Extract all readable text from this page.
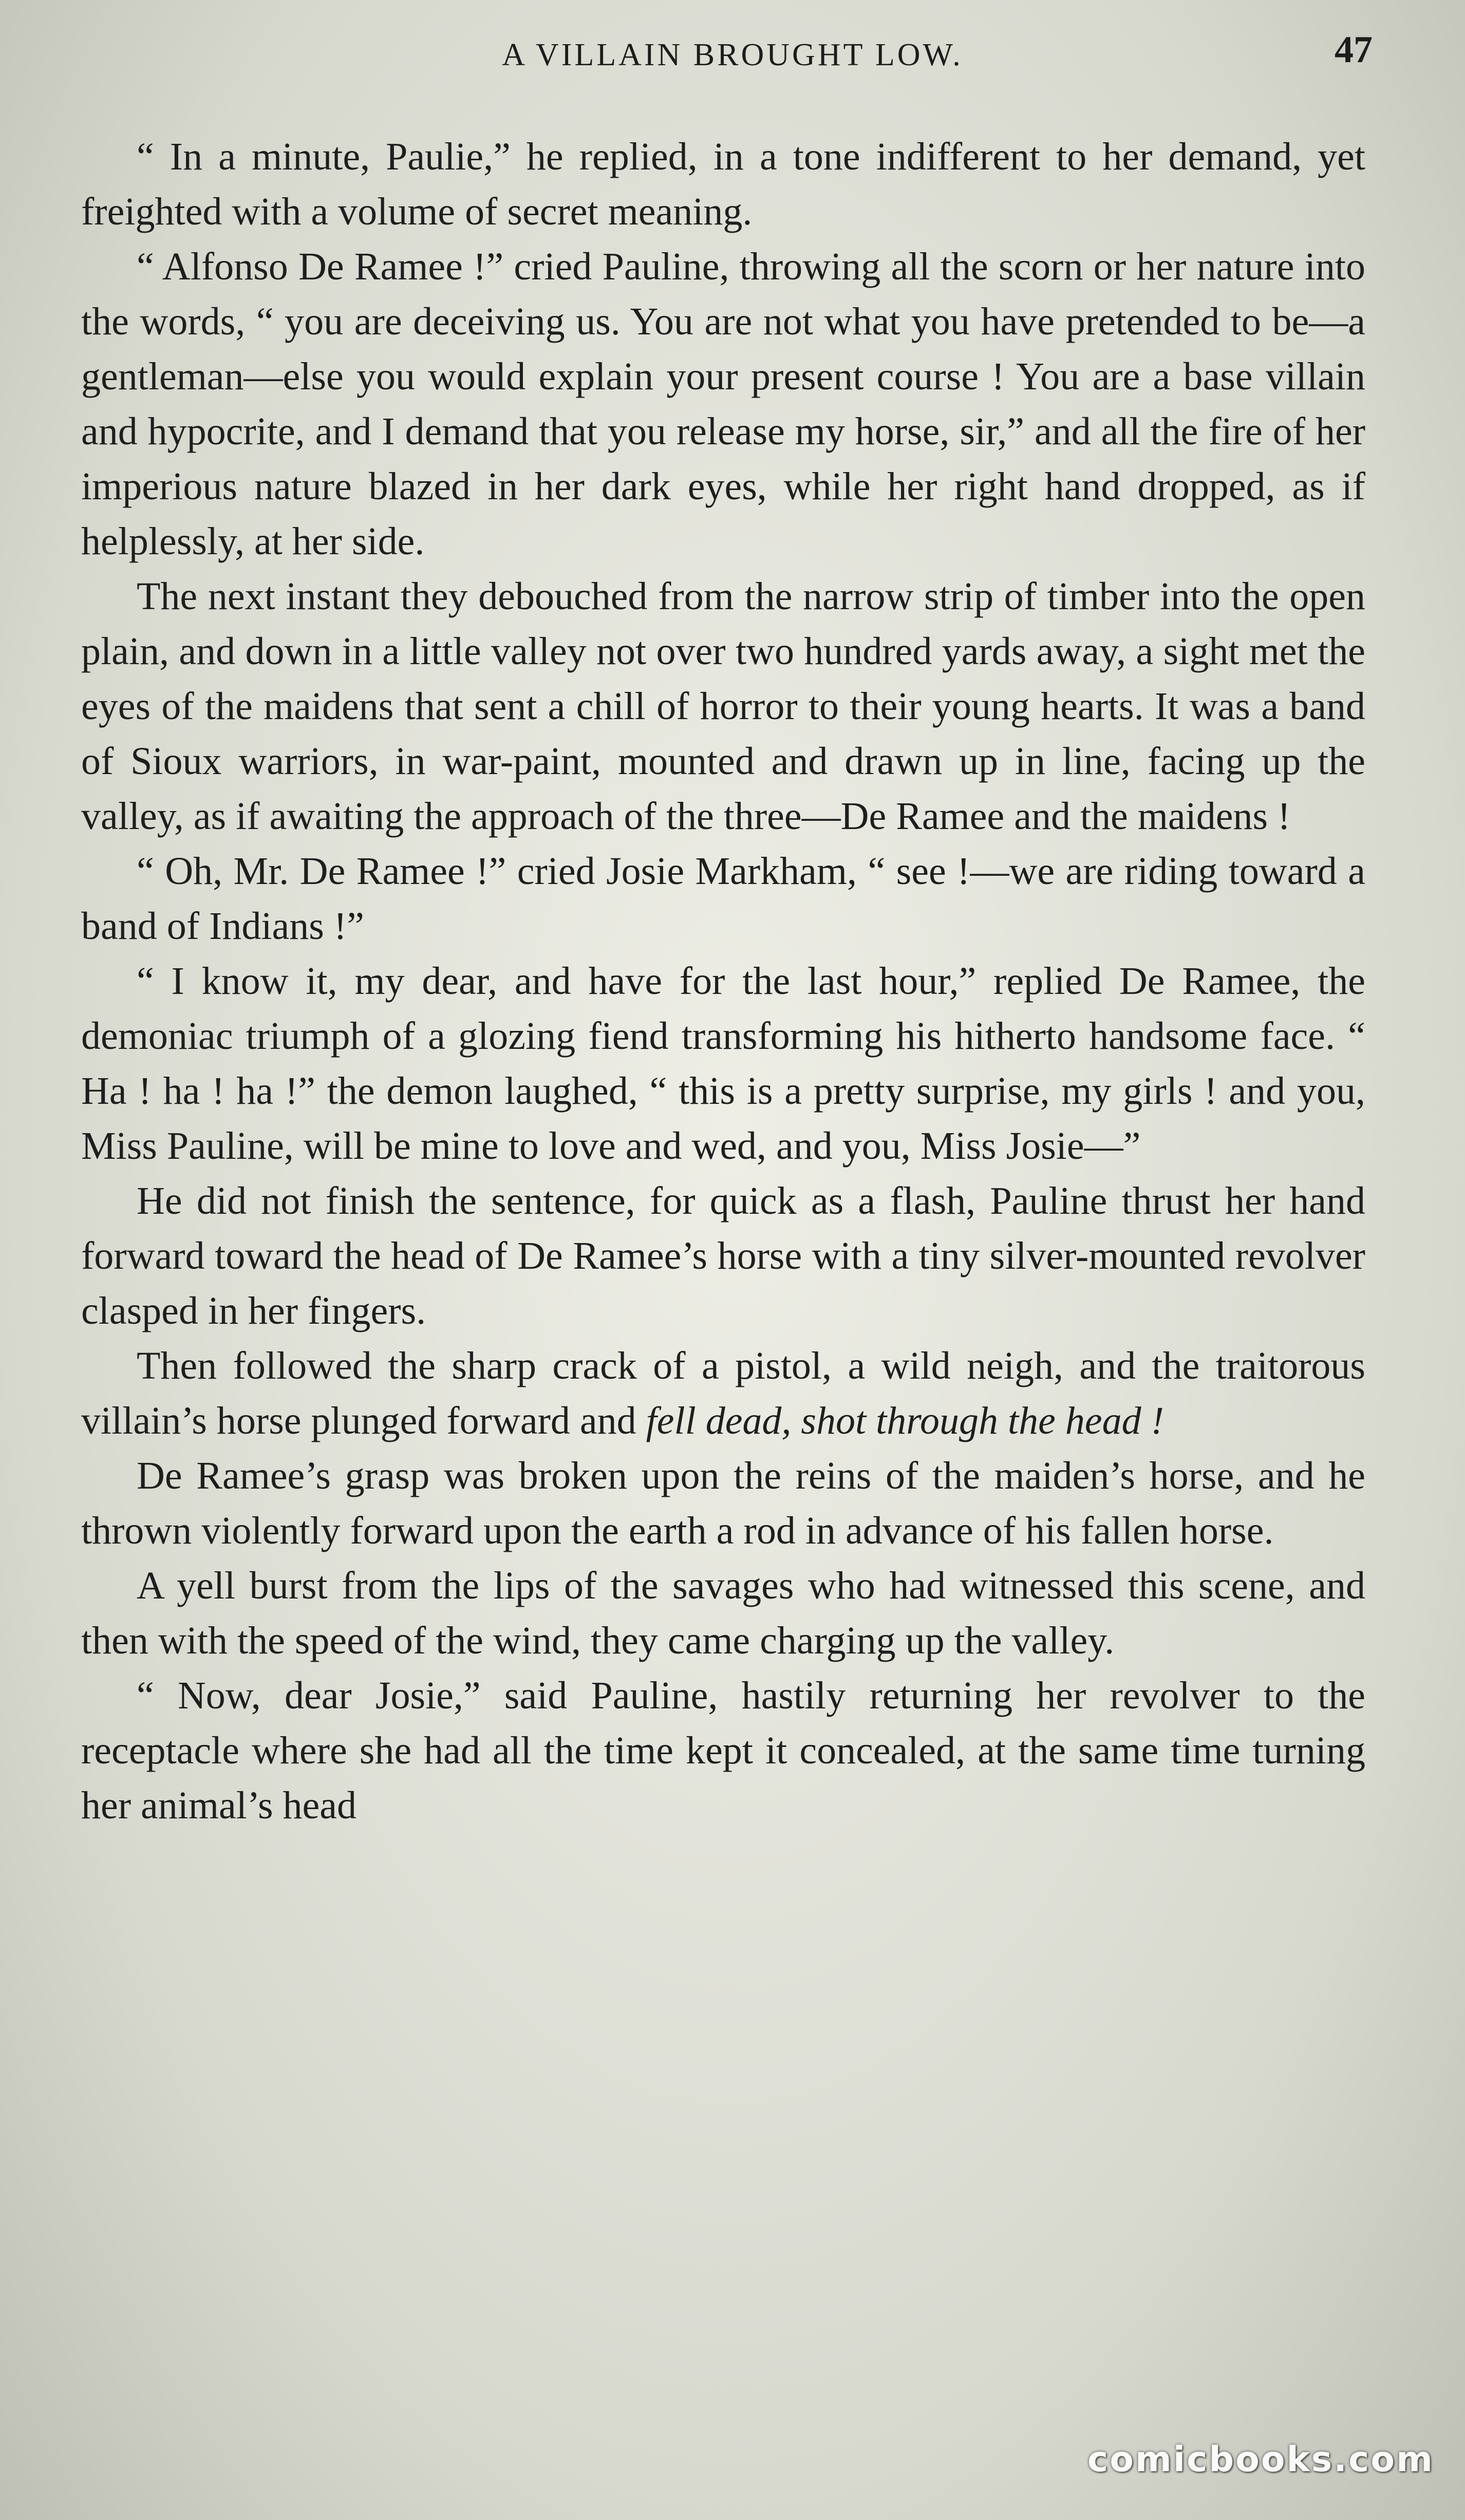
A VILLAIN BROUGHT LOW.	47

“ In a minute, Paulie,” he replied, in a tone indifferent to her demand, yet freighted with a volume of secret meaning.

“ Alfonso De Ramee !” cried Pauline, throwing all the scorn or her nature into the words, “ you are deceiving us. You are not what you have pretended to be—a gentleman—else you would explain your present course ! You are a base villain and hypocrite, and I demand that you release my horse, sir,” and all the fire of her imperious nature blazed in her dark eyes, while her right hand dropped, as if helplessly, at her side.

The next instant they debouched from the narrow strip of timber into the open plain, and down in a little valley not over two hundred yards away, a sight met the eyes of the maidens that sent a chill of horror to their young hearts. It was a band of Sioux warriors, in war-paint, mounted and drawn up in line, facing up the valley, as if awaiting the approach of the three—De Ramee and the maidens !

“ Oh, Mr. De Ramee !” cried Josie Markham, “ see !—we are riding toward a band of Indians !”

“ I know it, my dear, and have for the last hour,” replied De Ramee, the demoniac triumph of a glozing fiend transforming his hitherto handsome face. “ Ha ! ha ! ha !” the demon laughed, “ this is a pretty surprise, my girls ! and you, Miss Pauline, will be mine to love and wed, and you, Miss Josie—”

He did not finish the sentence, for quick as a flash, Pauline thrust her hand forward toward the head of De Ramee’s horse with a tiny silver-mounted revolver clasped in her fingers.

Then followed the sharp crack of a pistol, a wild neigh, and the traitorous villain’s horse plunged forward and fell dead, shot through the head !

De Ramee’s grasp was broken upon the reins of the maiden’s horse, and he thrown violently forward upon the earth a rod in advance of his fallen horse.

A yell burst from the lips of the savages who had witnessed this scene, and then with the speed of the wind, they came charging up the valley.

“ Now, dear Josie,” said Pauline, hastily returning her revolver to the receptacle where she had all the time kept it concealed, at the same time turning her animal’s head

comicbooks.com
